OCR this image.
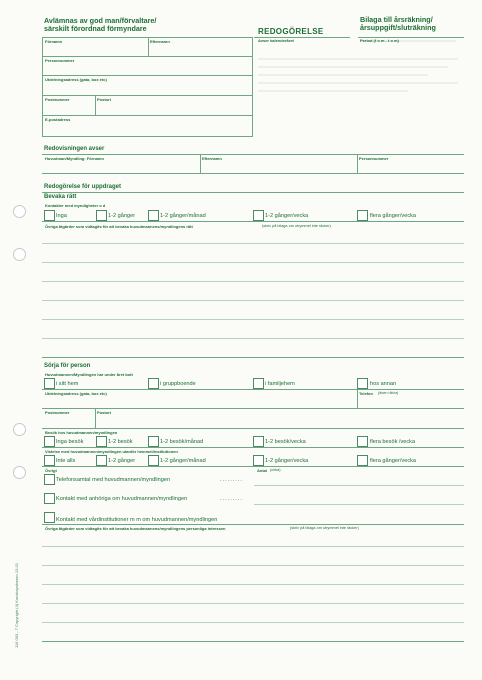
Avlämnas av god man/förvaltare/
särskilt förordnad förmyndare	REDOGÖRELSE
Avser kalenderåret
Bilaga till årsräkning/
årsuppgift/sluträkning
Period (f o m - t o m)
Förnamn	Efternamn
Personnummer
Utdelningsadress (gata, box etc)
Postnummer	Postort
E-postadress
Redovisningen avser
Huvudman/Myndling: Förnamn	Efternamn	Personnummer
Redogörelse för uppdraget
Bevaka rätt
Kontakter med myndigheter o d
Inga	1-2 gånger	1-2 gånger/månad	1-2 gånger/vecka	flera gånger/vecka
Övriga åtgärder som vidtagits för att bevaka huvudmannens/myndlingens rätt	(skriv på bilaga om utrymmet inte räcker)
Sörja för person
Huvudmannen/Myndlingen har under året bott
i sitt hem	i gruppboende	i familjehem	hos annan
Utdelningsadress (gata, box etc)	Telefon (även riktnr)
Postnummer	Postort
Besök hos huvudmannen/myndlingen
Inga besök	1-2 besök	1-2 besök/månad	1-2 besök/vecka	flera besök /vecka
Vistelse med huvudmannen/myndlingen utanför hemmet/institutionen
Inte alls	1-2 gånger	1-2 gånger/månad	1-2 gånger/vecka	flera gånger/vecka
Övrigt	Antal (cirka)
Telefonsamtal med huvudmannen/myndlingen	.........
Kontakt med anhöriga om huvudmannen/myndlingen	.........
Kontakt med vårdinstitutioner m m om huvudmannen/myndlingen
Övriga åtgärder som vidtagits för att bevaka huvudmannens/myndlingens personliga intressen	(skriv på bilaga om utrymmet inte räcker)
116 093 - 7 Copyright (4) Kunskapsbasen 13-01
